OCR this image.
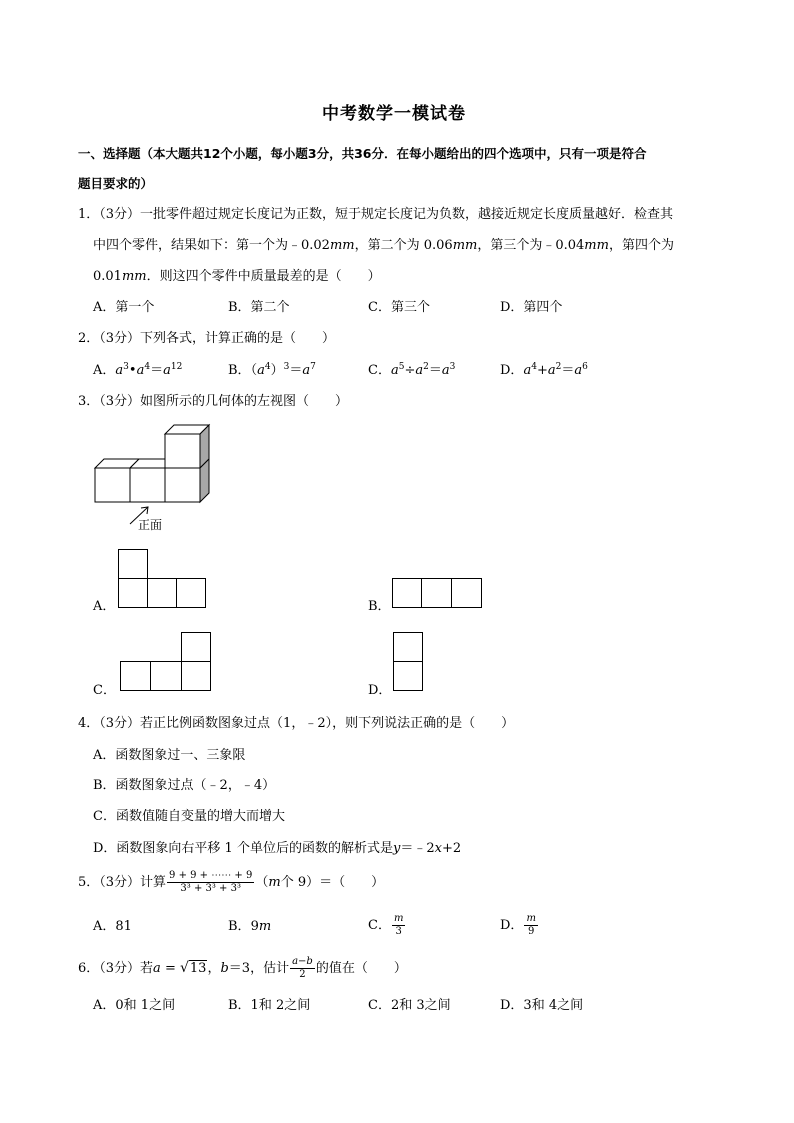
中考数学一模试卷
一、选择题（本大题共12个小题，每小题3分，共36分．在每小题给出的四个选项中，只有一项是符合
题目要求的）
1．（3分）一批零件超过规定长度记为正数，短于规定长度记为负数，越接近规定长度质量越好．检查其
中四个零件，结果如下：第一个为﹣0.02mm，第二个为 0.06mm，第三个为﹣0.04mm，第四个为
0.01mm．则这四个零件中质量最差的是（　　）
A．第一个	B．第二个	C．第三个	D．第四个
2．（3分）下列各式，计算正确的是（　　）
A．$a^3•a^4=a^{12}$	B．$(a^4)^3=a^7$	C．$a^5\div a^2=a^3$	D．$a^4+a^2=a^6$
3．（3分）如图所示的几何体的左视图（　　）
正面
A．	B．
C．	D．
4．（3分）若正比例函数图象过点（1，﹣2），则下列说法正确的是（　　）
A．函数图象过一、三象限
B．函数图象过点（﹣2，﹣4）
C．函数值随自变量的增大而增大
D．函数图象向右平移 1 个单位后的函数的解析式是y＝﹣2x+2
5．（3分）计算 $\frac{9 + 9 + \cdots\cdots + 9}{\text{3³ + 3³ + 3³}} (m$个 9）＝（　　）
A．81	B．9m	C． $\frac{m}{3}$	D． $\frac{m}{9}$
6．（3分）若a = √13，b＝3，估计 $\frac{a-b}{2}$ 的值在（　　）
A．0和 1之间	B．1和 2之间	C．2和 3之间	D．3和 4之间
